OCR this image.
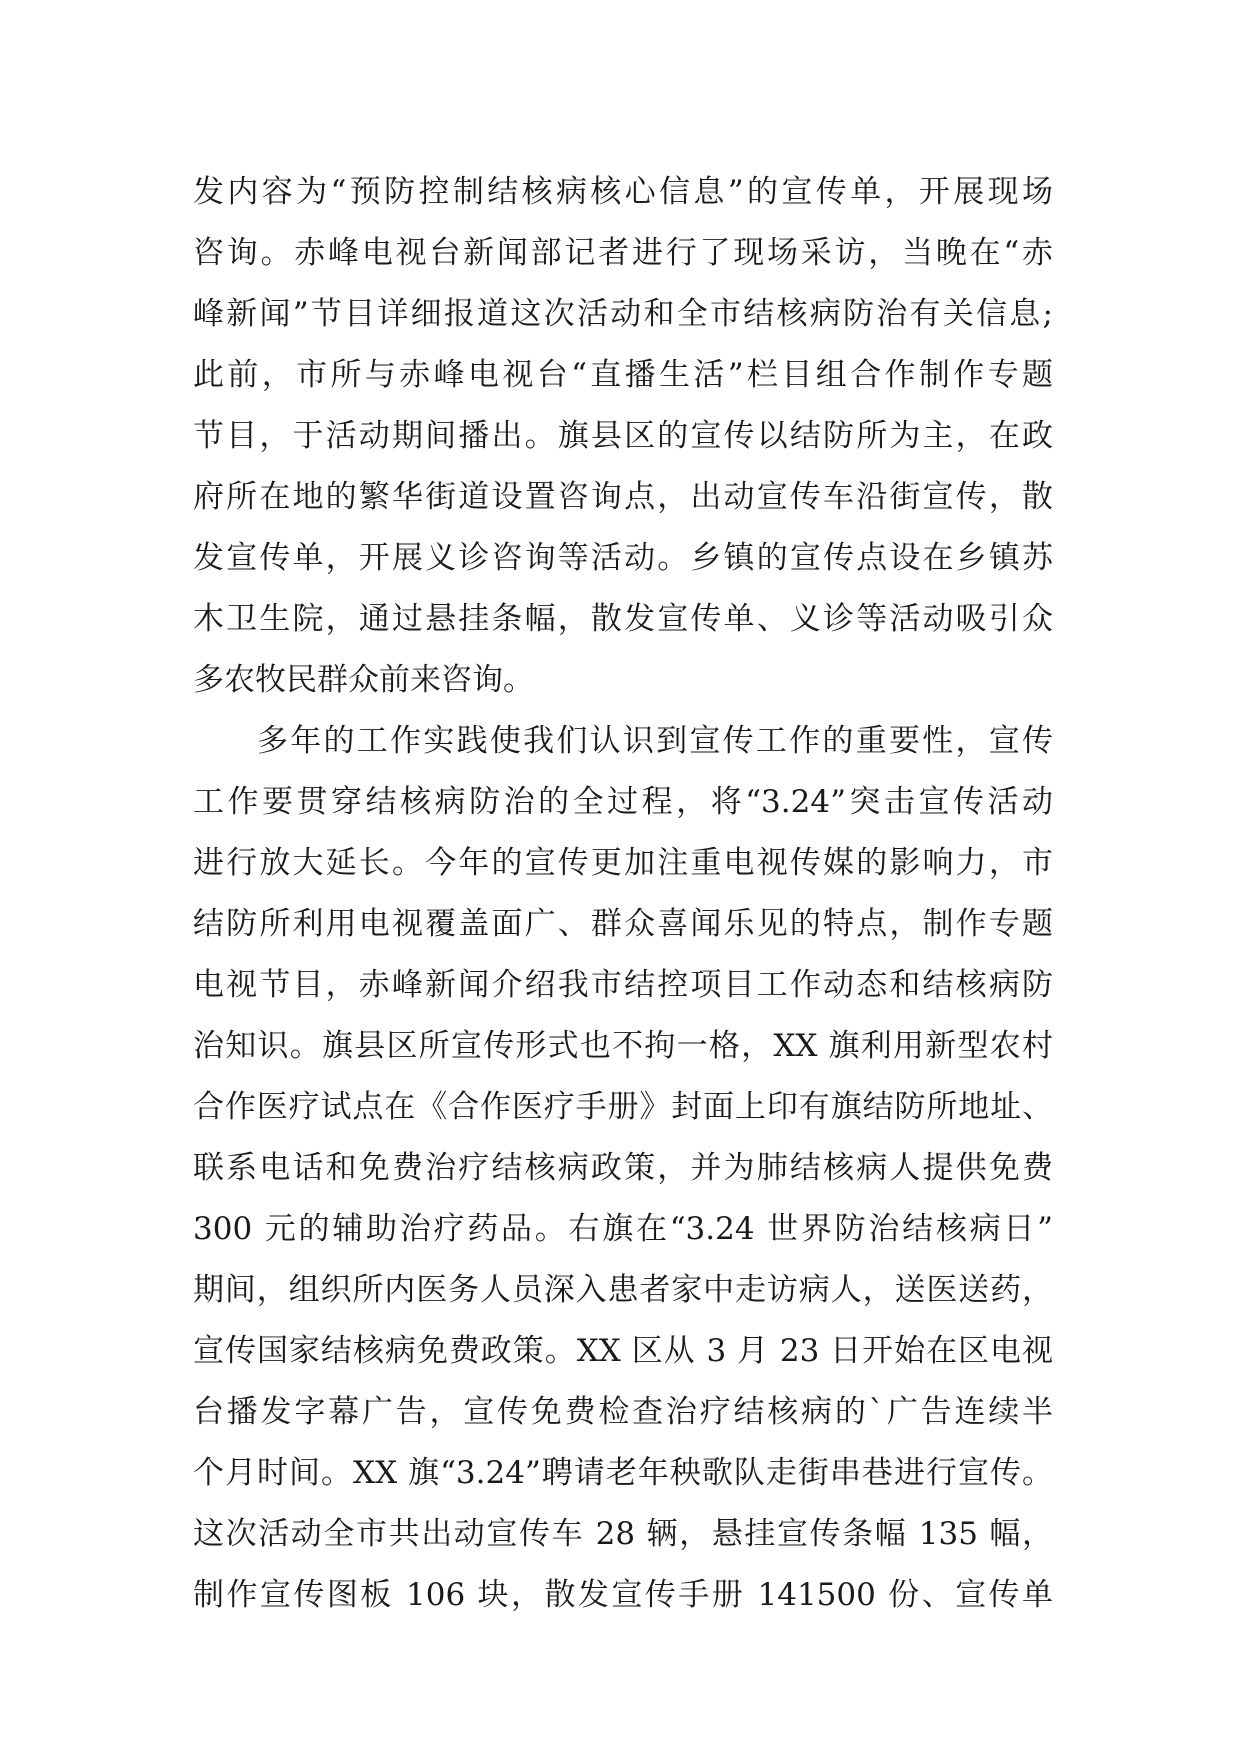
发内容为“预防控制结核病核心信息”的宣传单，开展现场
咨询。赤峰电视台新闻部记者进行了现场采访，当晚在“赤
峰新闻”节目详细报道这次活动和全市结核病防治有关信息;
此前，市所与赤峰电视台“直播生活”栏目组合作制作专题
节目，于活动期间播出。旗县区的宣传以结防所为主，在政
府所在地的繁华街道设置咨询点，出动宣传车沿街宣传，散
发宣传单，开展义诊咨询等活动。乡镇的宣传点设在乡镇苏
木卫生院，通过悬挂条幅，散发宣传单、义诊等活动吸引众
多农牧民群众前来咨询。
多年的工作实践使我们认识到宣传工作的重要性，宣传
工作要贯穿结核病防治的全过程，将“3.24”突击宣传活动
进行放大延长。今年的宣传更加注重电视传媒的影响力，市
结防所利用电视覆盖面广、群众喜闻乐见的特点，制作专题
电视节目，赤峰新闻介绍我市结控项目工作动态和结核病防
治知识。旗县区所宣传形式也不拘一格，XX 旗利用新型农村
合作医疗试点在《合作医疗手册》封面上印有旗结防所地址、
联系电话和免费治疗结核病政策，并为肺结核病人提供免费
300 元的辅助治疗药品。右旗在“3.24 世界防治结核病日”
期间，组织所内医务人员深入患者家中走访病人，送医送药，
宣传国家结核病免费政策。XX 区从 3 月 23 日开始在区电视
台播发字幕广告，宣传免费检查治疗结核病的`广告连续半
个月时间。XX 旗“3.24”聘请老年秧歌队走街串巷进行宣传。
这次活动全市共出动宣传车 28 辆，悬挂宣传条幅 135 幅，
制作宣传图板 106 块，散发宣传手册 141500 份、宣传单
